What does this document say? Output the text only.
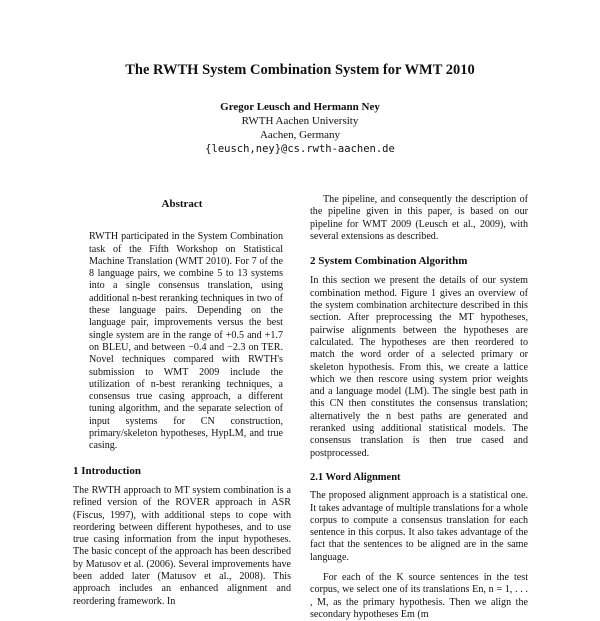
The RWTH System Combination System for WMT 2010
Gregor Leusch and Hermann Ney
RWTH Aachen University
Aachen, Germany
{leusch,ney}@cs.rwth-aachen.de
Abstract

RWTH participated in the System Combination task of the Fifth Workshop on Statistical Machine Translation (WMT 2010). For 7 of the 8 language pairs, we combine 5 to 13 systems into a single consensus translation, using additional n-best reranking techniques in two of these language pairs. Depending on the language pair, improvements versus the best single system are in the range of +0.5 and +1.7 on BLEU, and between −0.4 and −2.3 on TER. Novel techniques compared with RWTH's submission to WMT 2009 include the utilization of n-best reranking techniques, a consensus true casing approach, a different tuning algorithm, and the separate selection of input systems for CN construction, primary/skeleton hypotheses, HypLM, and true casing.

1 Introduction

The RWTH approach to MT system combination is a refined version of the ROVER approach in ASR (Fiscus, 1997), with additional steps to cope with reordering between different hypotheses, and to use true casing information from the input hypotheses. The basic concept of the approach has been described by Matusov et al. (2006). Several improvements have been added later (Matusov et al., 2008). This approach includes an enhanced alignment and reordering framework. In

The pipeline, and consequently the description of the pipeline given in this paper, is based on our pipeline for WMT 2009 (Leusch et al., 2009), with several extensions as described.

2 System Combination Algorithm

In this section we present the details of our system combination method. Figure 1 gives an overview of the system combination architecture described in this section. After preprocessing the MT hypotheses, pairwise alignments between the hypotheses are calculated. The hypotheses are then reordered to match the word order of a selected primary or skeleton hypothesis. From this, we create a lattice which we then rescore using system prior weights and a language model (LM). The single best path in this CN then constitutes the consensus translation; alternatively the n best paths are generated and reranked using additional statistical models. The consensus translation is then true cased and postprocessed.

2.1 Word Alignment

The proposed alignment approach is a statistical one. It takes advantage of multiple translations for a whole corpus to compute a consensus translation for each sentence in this corpus. It also takes advantage of the fact that the sentences to be aligned are in the same language.

For each of the K source sentences in the test corpus, we select one of its translations En, n = 1, . . . , M, as the primary hypothesis. Then we align the secondary hypotheses Em (m
